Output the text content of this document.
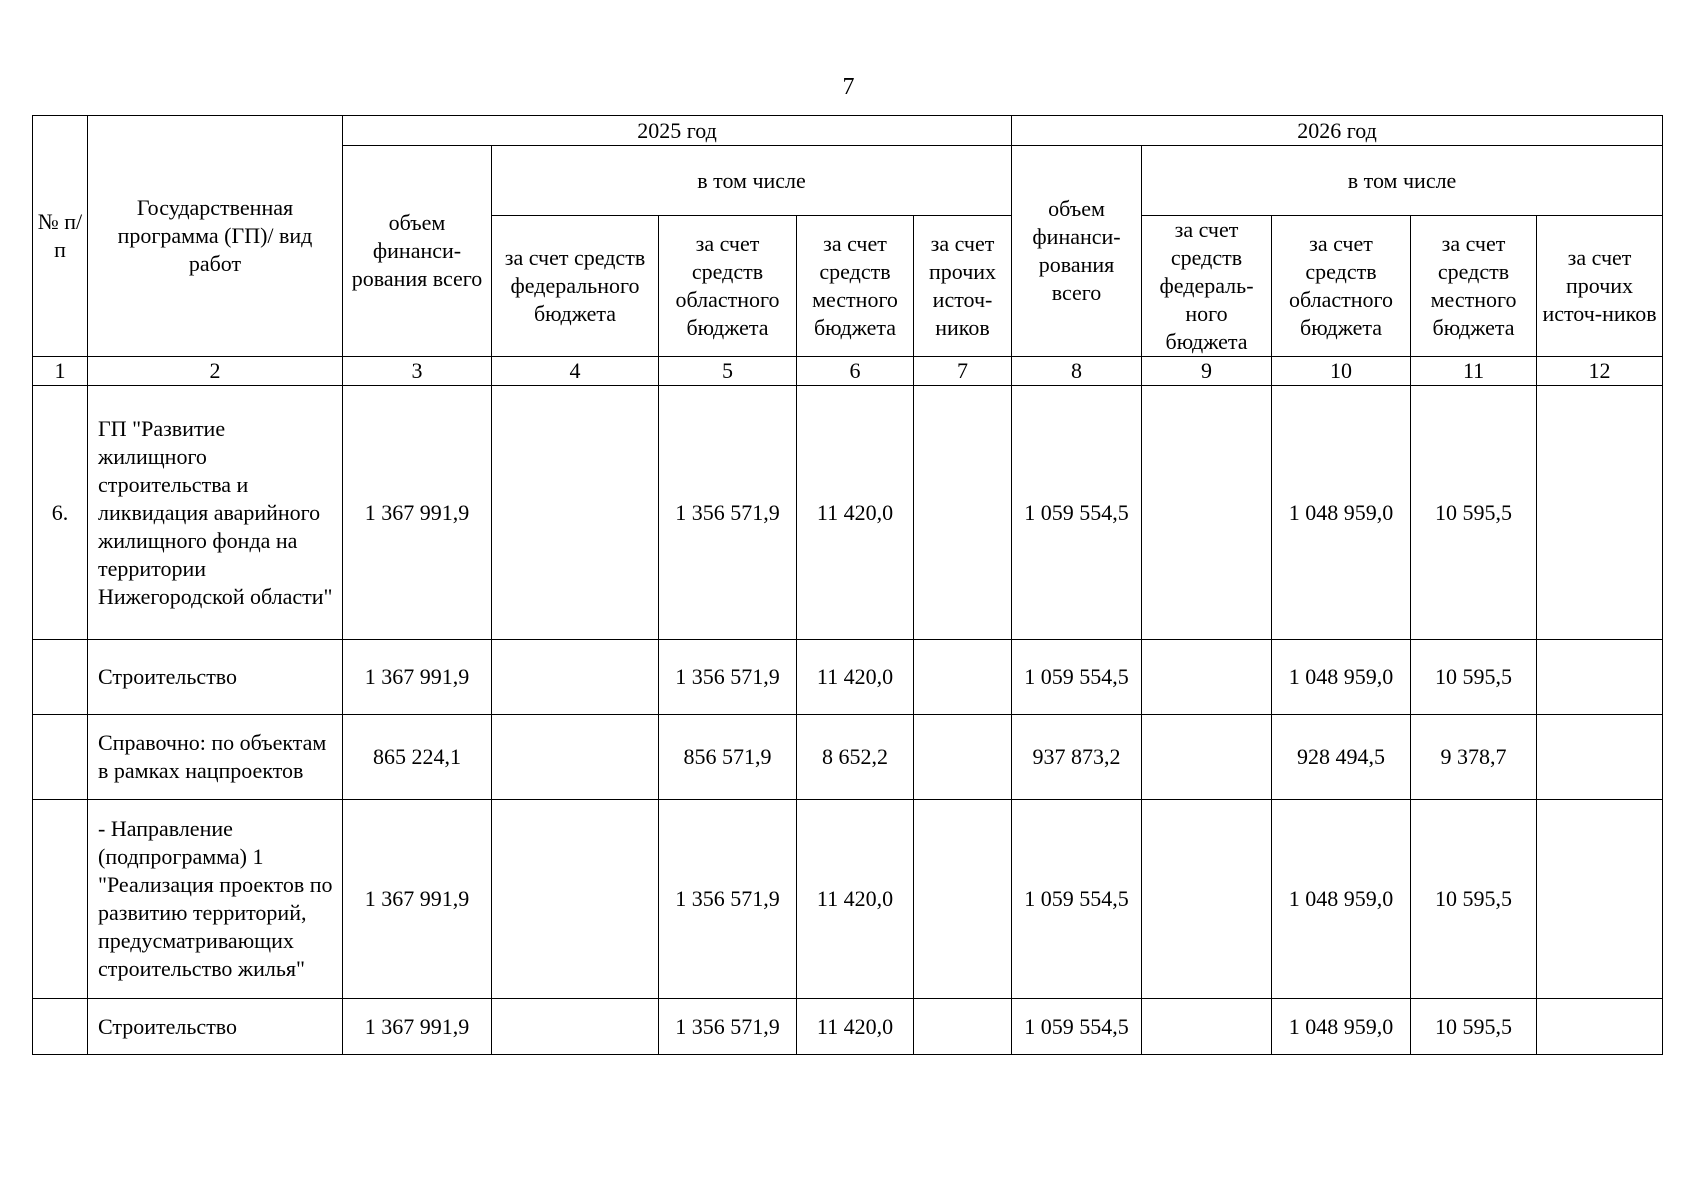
7
№ п/п	Государственная программа (ГП)/ вид работ	2025 год					2026 год				
		объем финанси-рования всего	в том числе				объем финанси-рования всего	в том числе			
			за счет средств федерального бюджета	за счет средств областного бюджета	за счет средств местного бюджета	за счет прочих источ-ников		за счет средств федераль-ного бюджета	за счет средств областного бюджета	за счет средств местного бюджета	за счет прочих источ-ников
1	2	3	4	5	6	7	8	9	10	11	12
6.	ГП "Развитие жилищного строительства и ликвидация аварийного жилищного фонда на территории Нижегородской области"	1 367 991,9		1 356 571,9	11 420,0		1 059 554,5		1 048 959,0	10 595,5	
	Строительство	1 367 991,9		1 356 571,9	11 420,0		1 059 554,5		1 048 959,0	10 595,5	
	Справочно: по объектам в рамках нацпроектов	865 224,1		856 571,9	8 652,2		937 873,2		928 494,5	9 378,7	
	- Направление (подпрограмма) 1 "Реализация проектов по развитию территорий, предусматривающих строительство жилья"	1 367 991,9		1 356 571,9	11 420,0		1 059 554,5		1 048 959,0	10 595,5	
	Строительство	1 367 991,9		1 356 571,9	11 420,0		1 059 554,5		1 048 959,0	10 595,5	
